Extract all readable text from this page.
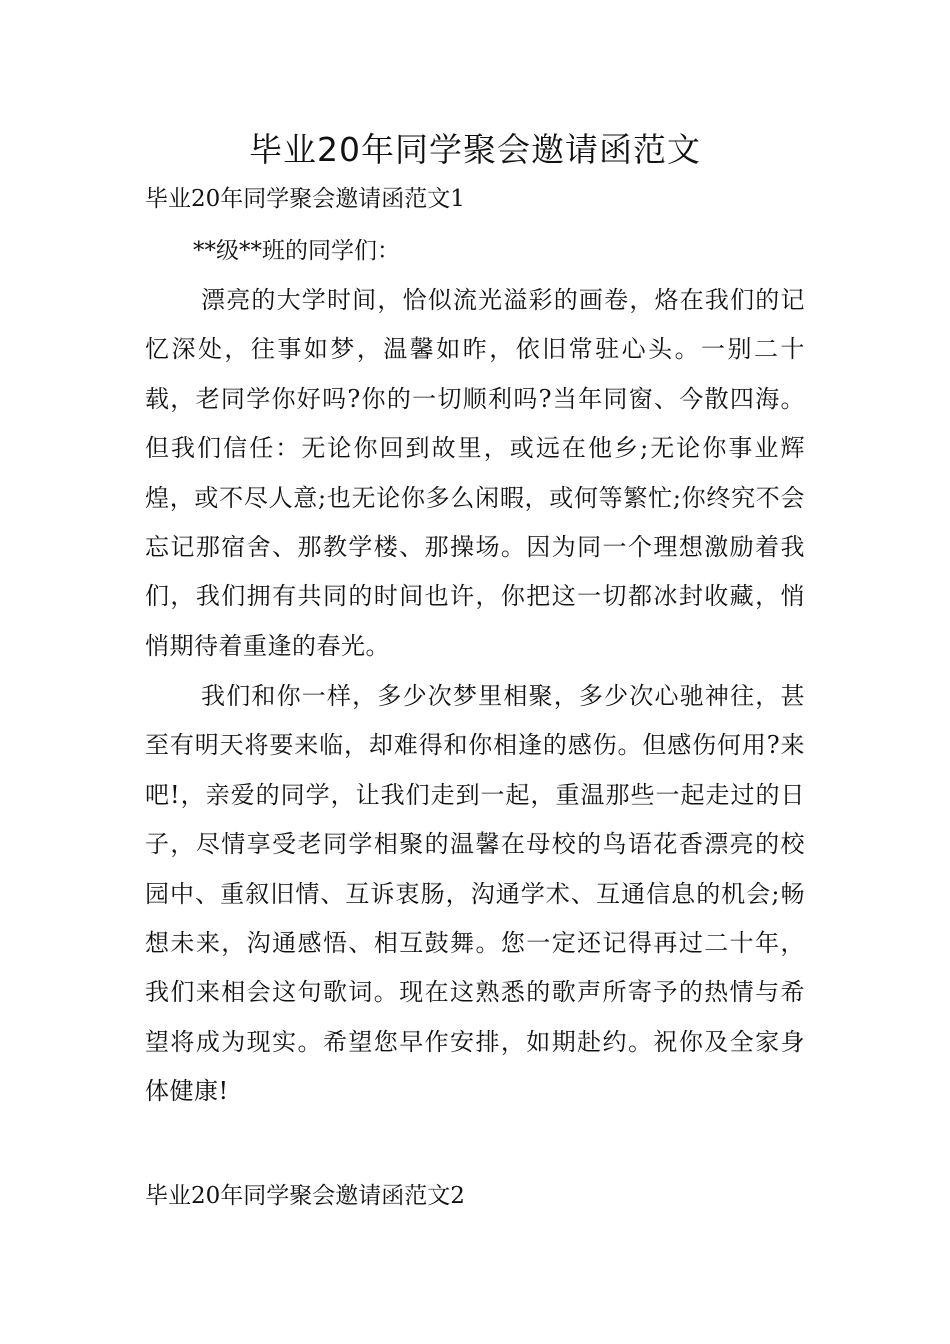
毕业20年同学聚会邀请函范文
毕业20年同学聚会邀请函范文1

**级**班的同学们：

漂亮的大学时间，恰似流光溢彩的画卷，烙在我们的记忆深处，往事如梦，温馨如昨，依旧常驻心头。一别二十载，老同学你好吗?你的一切顺利吗?当年同窗、今散四海。但我们信任：无论你回到故里，或远在他乡;无论你事业辉煌，或不尽人意;也无论你多么闲暇，或何等繁忙;你终究不会忘记那宿舍、那教学楼、那操场。因为同一个理想激励着我们，我们拥有共同的时间也许，你把这一切都冰封收藏，悄悄期待着重逢的春光。

我们和你一样，多少次梦里相聚，多少次心驰神往，甚至有明天将要来临，却难得和你相逢的感伤。但感伤何用?来吧!，亲爱的同学，让我们走到一起，重温那些一起走过的日子，尽情享受老同学相聚的温馨在母校的鸟语花香漂亮的校园中、重叙旧情、互诉衷肠，沟通学术、互通信息的机会;畅想未来，沟通感悟、相互鼓舞。您一定还记得再过二十年，我们来相会这句歌词。现在这熟悉的歌声所寄予的热情与希望将成为现实。希望您早作安排，如期赴约。祝你及全家身体健康!

毕业20年同学聚会邀请函范文2
